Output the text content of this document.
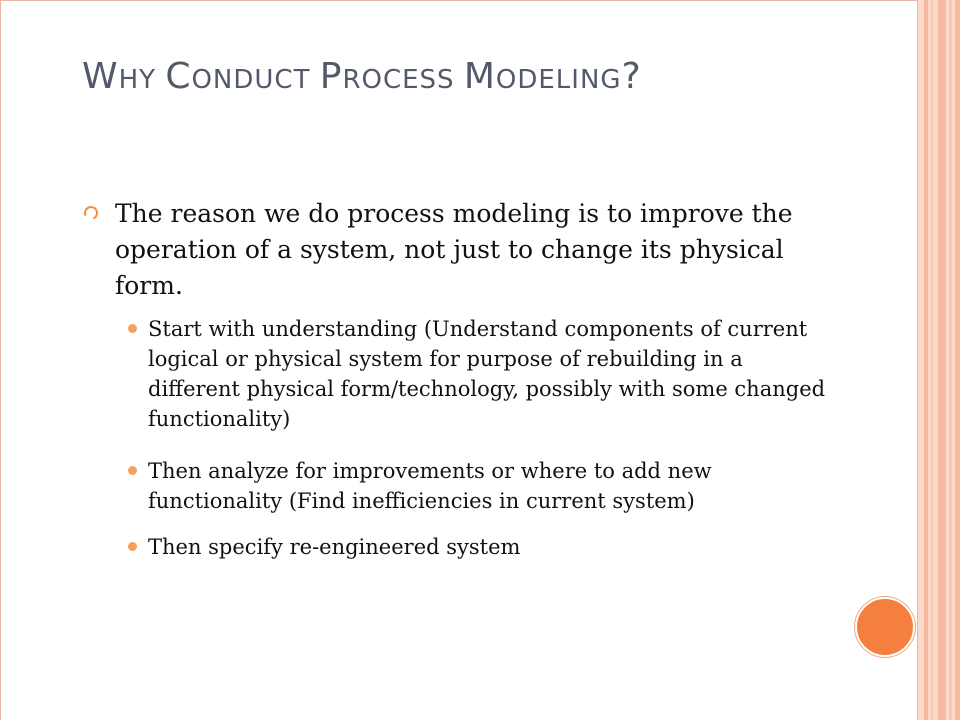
WHY CONDUCT PROCESS MODELING?
The reason we do process modeling is to improve the operation of a system, not just to change its physical form.
Start with understanding (Understand components of current logical or physical system for purpose of rebuilding in a different physical form/technology, possibly with some changed functionality)
Then analyze for improvements or where to add new functionality (Find inefficiencies in current system)
Then specify re-engineered system
